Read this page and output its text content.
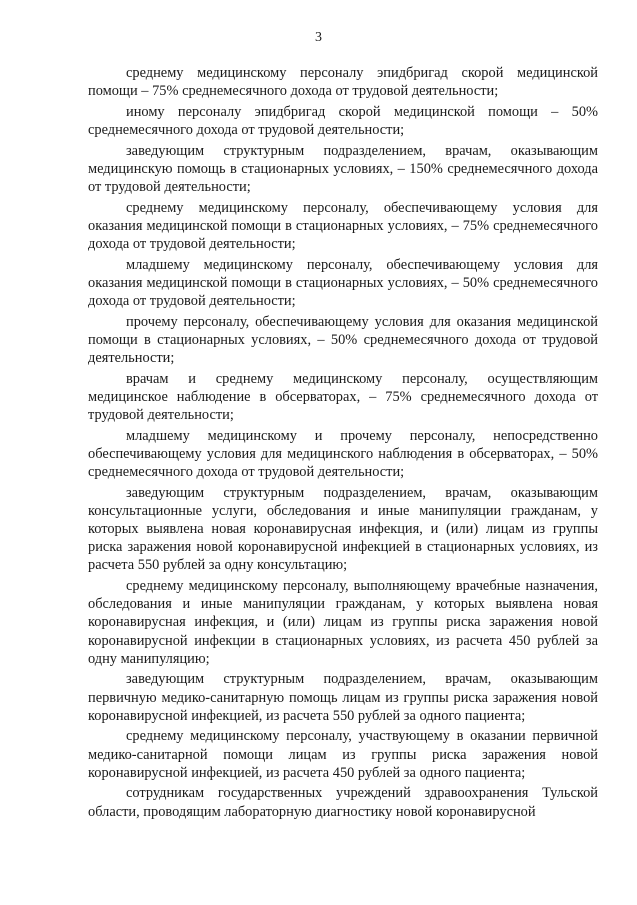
3

среднему медицинскому персоналу эпидбригад скорой медицинской помощи – 75% среднемесячного дохода от трудовой деятельности;

иному персоналу эпидбригад скорой медицинской помощи – 50% среднемесячного дохода от трудовой деятельности;

заведующим структурным подразделением, врачам, оказывающим медицинскую помощь в стационарных условиях, – 150% среднемесячного дохода от трудовой деятельности;

среднему медицинскому персоналу, обеспечивающему условия для оказания медицинской помощи в стационарных условиях, – 75% среднемесячного дохода от трудовой деятельности;

младшему медицинскому персоналу, обеспечивающему условия для оказания медицинской помощи в стационарных условиях, – 50% среднемесячного дохода от трудовой деятельности;

прочему персоналу, обеспечивающему условия для оказания медицинской помощи в стационарных условиях, – 50% среднемесячного дохода от трудовой деятельности;

врачам и среднему медицинскому персоналу, осуществляющим медицинское наблюдение в обсерваторах, – 75% среднемесячного дохода от трудовой деятельности;

младшему медицинскому и прочему персоналу, непосредственно обеспечивающему условия для медицинского наблюдения в обсерваторах, – 50% среднемесячного дохода от трудовой деятельности;

заведующим структурным подразделением, врачам, оказывающим консультационные услуги, обследования и иные манипуляции гражданам, у которых выявлена новая коронавирусная инфекция, и (или) лицам из группы риска заражения новой коронавирусной инфекцией в стационарных условиях, из расчета 550 рублей за одну консультацию;

среднему медицинскому персоналу, выполняющему врачебные назначения, обследования и иные манипуляции гражданам, у которых выявлена новая коронавирусная инфекция, и (или) лицам из группы риска заражения новой коронавирусной инфекции в стационарных условиях, из расчета 450 рублей за одну манипуляцию;

заведующим структурным подразделением, врачам, оказывающим первичную медико-санитарную помощь лицам из группы риска заражения новой коронавирусной инфекцией, из расчета 550 рублей за одного пациента;

среднему медицинскому персоналу, участвующему в оказании первичной медико-санитарной помощи лицам из группы риска заражения новой коронавирусной инфекцией, из расчета 450 рублей за одного пациента;

сотрудникам государственных учреждений здравоохранения Тульской области, проводящим лабораторную диагностику новой коронавирусной
